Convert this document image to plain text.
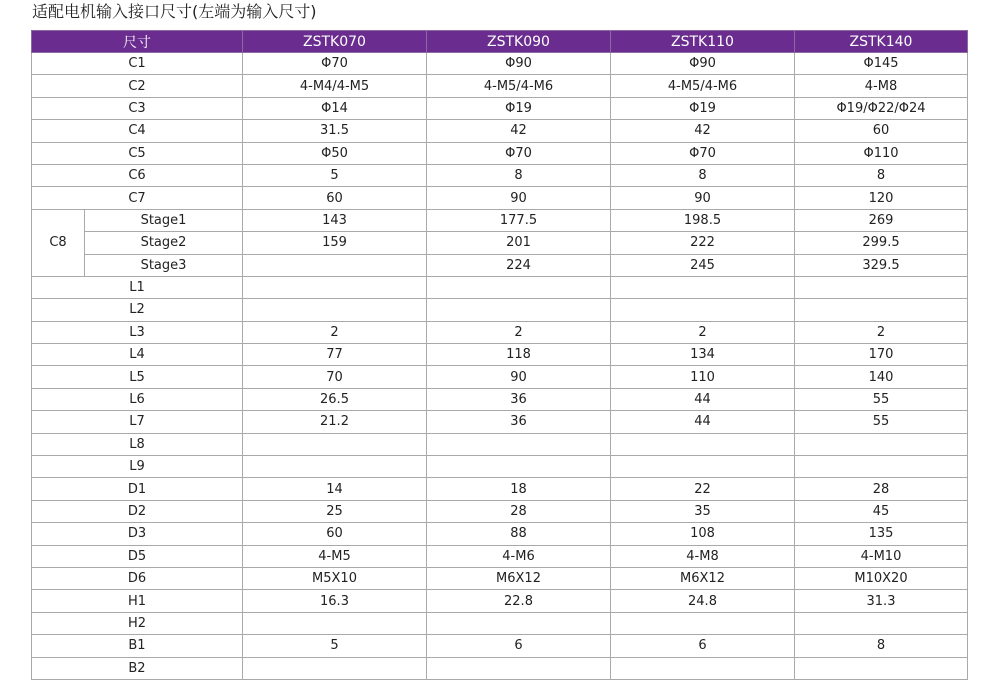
适配电机输入接口尺寸(左端为输入尺寸)
尺寸		ZSTK070	ZSTK090	ZSTK110	ZSTK140
C1		Φ70	Φ90	Φ90	Φ145
C2		4-M4/4-M5	4-M5/4-M6	4-M5/4-M6	4-M8
C3		Φ14	Φ19	Φ19	Φ19/Φ22/Φ24
C4		31.5	42	42	60
C5		Φ50	Φ70	Φ70	Φ110
C6		5	8	8	8
C7		60	90	90	120
C8	Stage1	143	177.5	198.5	269
	Stage2	159	201	222	299.5
	Stage3		224	245	329.5
L1					
L2					
L3		2	2	2	2
L4		77	118	134	170
L5		70	90	110	140
L6		26.5	36	44	55
L7		21.2	36	44	55
L8					
L9					
D1		14	18	22	28
D2		25	28	35	45
D3		60	88	108	135
D5		4-M5	4-M6	4-M8	4-M10
D6		M5X10	M6X12	M6X12	M10X20
H1		16.3	22.8	24.8	31.3
H2					
B1		5	6	6	8
B2					
